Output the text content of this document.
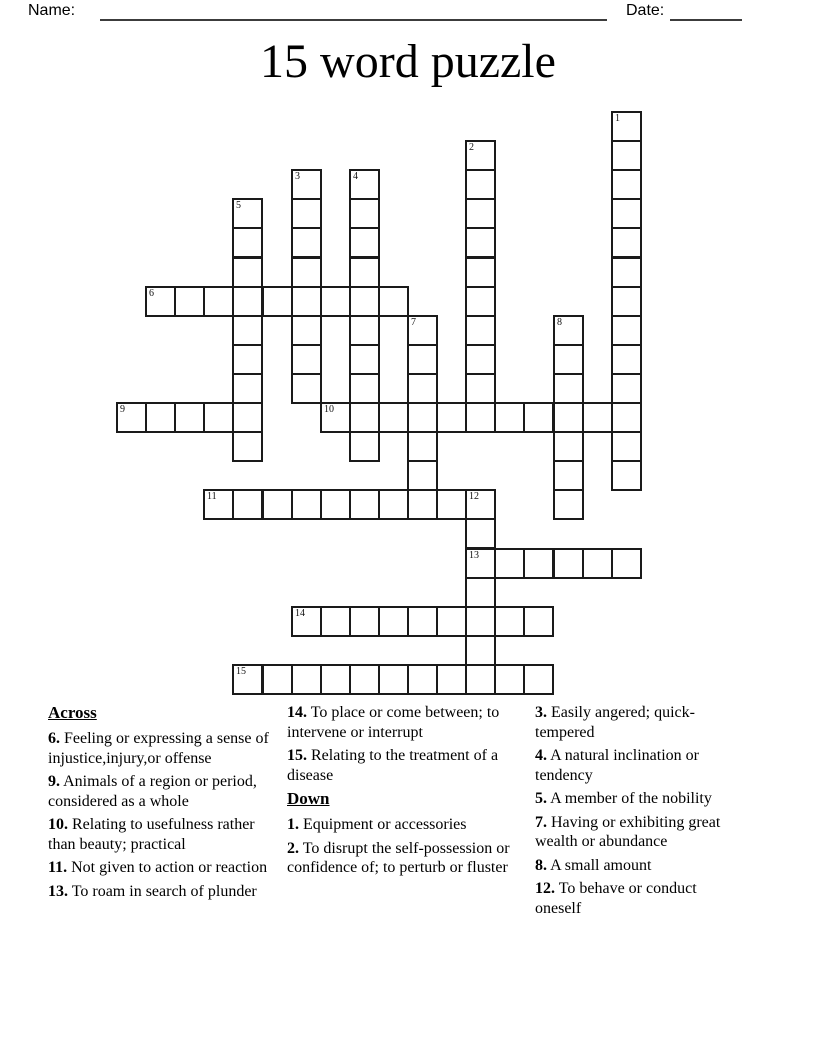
Name:	Date:
15 word puzzle
1
2
3	4
5
6
7	8
9	10
11	12
13
14
15
Across
6. Feeling or expressing a sense of injustice,injury,or offense
9. Animals of a region or period, considered as a whole
10. Relating to usefulness rather than beauty; practical
11. Not given to action or reaction
13. To roam in search of plunder
14. To place or come between; to intervene or interrupt
15. Relating to the treatment of a disease
Down
1. Equipment or accessories
2. To disrupt the self-possession or confidence of; to perturb or fluster
3. Easily angered; quick-tempered
4. A natural inclination or tendency
5. A member of the nobility
7. Having or exhibiting great wealth or abundance
8. A small amount
12. To behave or conduct oneself
